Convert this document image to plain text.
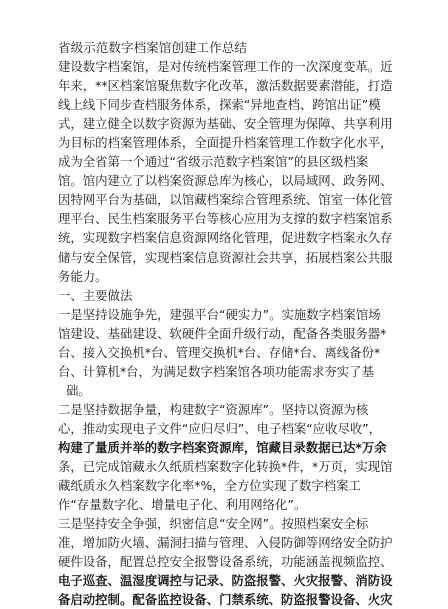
省级示范数字档案馆创建工作总结
建设数字档案馆，是对传统档案管理工作的一次深度变革。近
年来，**区档案馆聚焦数字化改革，激活数据要素潜能，打造
线上线下同步查档服务体系，探索“异地查档、跨馆出证”模
式，建立健全以数字资源为基础、安全管理为保障、共享利用
为目标的档案管理体系，全面提升档案管理工作数字化水平，
成为全省第一个通过“省级示范数字档案馆”的县区级档案
馆。馆内建立了以档案资源总库为核心，以局域网、政务网、
因特网平台为基础，以馆藏档案综合管理系统、馆室一体化管
理平台、民生档案服务平台等核心应用为支撑的数字档案馆系
统，实现数字档案信息资源网络化管理，促进数字档案永久存
储与安全保管，实现档案信息资源社会共享，拓展档案公共服
务能力。
一、主要做法
一是坚持设施争先，建强平台“硬实力”。实施数字档案馆场
馆建设、基础建设、软硬件全面升级行动，配备各类服务器*
台、接入交换机*台、管理交换机*台、存储*台、离线备份*
台、计算机*台，为满足数字档案馆各项功能需求夯实了基
础。
二是坚持数据争量，构建数字“资源库”。坚持以资源为核
心，推动实现电子文件“应归尽归”、电子档案“应收尽收”，
构建了量质并举的数字档案资源库，馆藏目录数据已达*万余
条，已完成馆藏永久纸质档案数字化转换*件，*万页，实现馆
藏纸质永久档案数字化率*%，全方位实现了数字档案工
作“存量数字化、增量电子化、利用网络化”。
三是坚持安全争强，织密信息“安全网”。按照档案安全标
准，增加防火墙、漏洞扫描与管理、入侵防御等网络安全防护
硬件设备，配置总控安全报警设备系统，功能涵盖视频监控、
电子巡查、温湿度调控与记录、防盗报警、火灾报警、消防设
备启动控制。配备监控设备、门禁系统、防盗报警设备、火灾
